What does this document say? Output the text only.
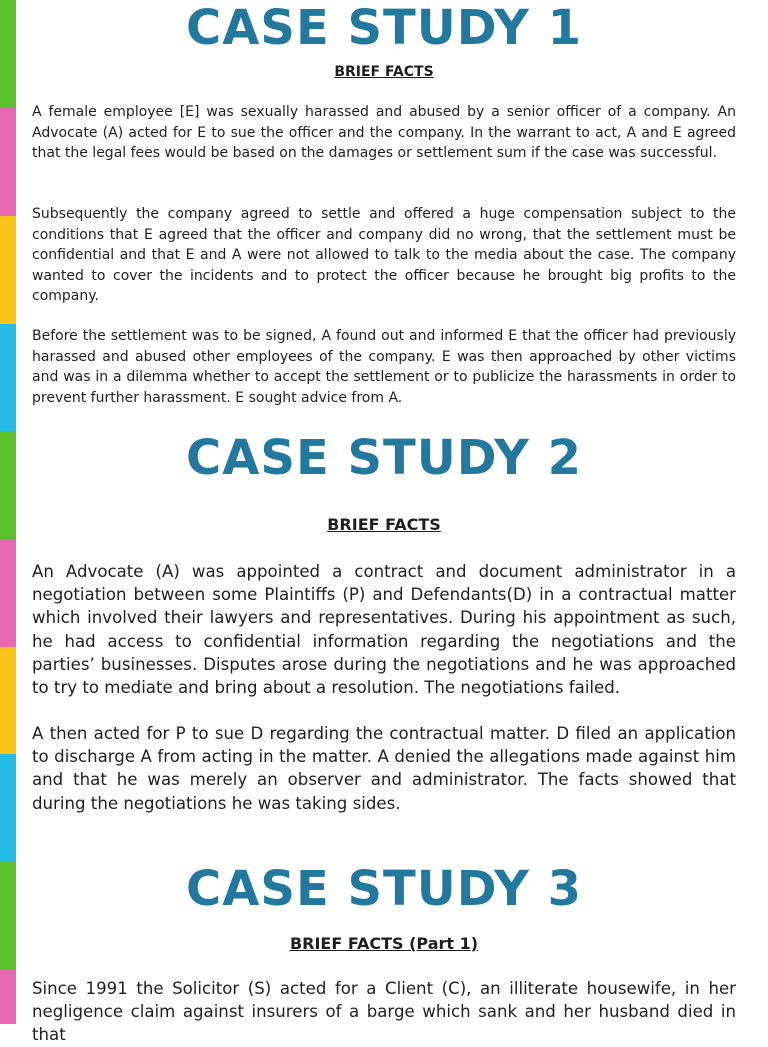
CASE STUDY 1
BRIEF FACTS

A female employee [E] was sexually harassed and abused by a senior officer of a company. An Advocate (A) acted for E to sue the officer and the company. In the warrant to act, A and E agreed that the legal fees would be based on the damages or settlement sum if the case was successful.

Subsequently the company agreed to settle and offered a huge compensation subject to the conditions that E agreed that the officer and company did no wrong, that the settlement must be confidential and that E and A were not allowed to talk to the media about the case. The company wanted to cover the incidents and to protect the officer because he brought big profits to the company.

Before the settlement was to be signed, A found out and informed E that the officer had previously harassed and abused other employees of the company. E was then approached by other victims and was in a dilemma whether to accept the settlement or to publicize the harassments in order to prevent further harassment. E sought advice from A.

CASE STUDY 2
BRIEF FACTS

An Advocate (A) was appointed a contract and document administrator in a negotiation between some Plaintiffs (P) and Defendants(D) in a contractual matter which involved their lawyers and representatives. During his appointment as such, he had access to confidential information regarding the negotiations and the parties’ businesses. Disputes arose during the negotiations and he was approached to try to mediate and bring about a resolution. The negotiations failed.

A then acted for P to sue D regarding the contractual matter. D filed an application to discharge A from acting in the matter. A denied the allegations made against him and that he was merely an observer and administrator. The facts showed that during the negotiations he was taking sides.

CASE STUDY 3
BRIEF FACTS (Part 1)

Since 1991 the Solicitor (S) acted for a Client (C), an illiterate housewife, in her negligence claim against insurers of a barge which sank and her husband died in that
